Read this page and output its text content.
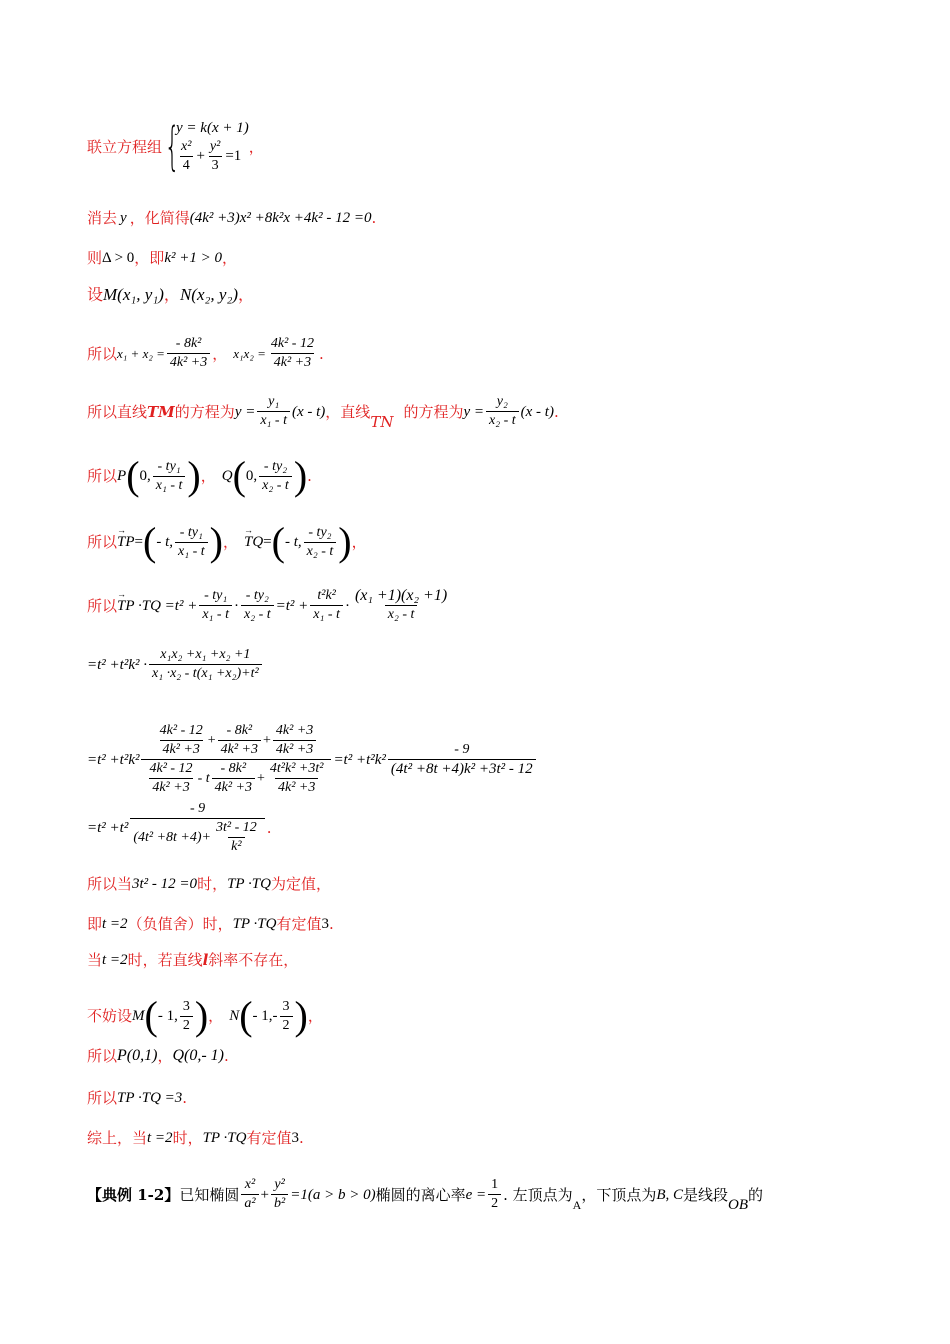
联立方程组 {
y = k(x + 1)
$\frac{\text{x²}}{4} + \frac{\text{y²}}{3} =1$
，
消去 y ，化简得 (4k² +3)x² +8k²x +4k² - 12 =0 .
则 Δ > 0 ，即 k² +1 > 0 ，
设 M(x₁, y₁) ， N(x₂, y₂) ，
所以 $x_1 + x_2 = \frac{\text{- 8k²}}{\text{4k² +3}}$ ， $x_1x_2 = \frac{\text{4k² - 12}}{\text{4k² +3}}$ .
所以直线 TM 的方程为 $y = \frac{\text{y₁}}{\text{x₁ - t}} (x - t)$ ，直线
TN
的方程为 $y = \frac{\text{y₂}}{\text{x₂ - t}} (x - t)$ .
所以 P ( 0, $\frac{\text{- ty₁}}{\text{x₁ - t}}$ ) ， Q ( 0, $\frac{\text{- ty₂}}{\text{x₂ - t}}$ ) .
所以 → TP = ( - t, $\frac{\text{- ty₁}}{\text{x₁ - t}}$ ) ， → TQ = ( - t, $\frac{\text{- ty₂}}{\text{x₂ - t}}$ ) ，
所以 → TP $\cdot TQ =t^2 + \frac{\text{- ty₁}}{\text{x₁ - t}} \cdot \frac{\text{- ty₂}}{\text{x₂ - t}} =t^2 + \frac{\text{t²k²}}{\text{x₁ - t}} \cdot \frac{\text{(x₁ +1)(x₂ +1)}}{\text{x₂ - t}}$
$=t^2 +t^2k^2 \cdot \frac{\text{x₁x₂ +x₁ +x₂ +1}}{\text{x₁ ·x₂ - t(x₁ +x₂)+t²}}$
=t² +t²k²
$\frac{\text{4k² - 12}}{\text{4k² +3}} + \frac{\text{- 8k²}}{\text{4k² +3}} + \frac{\text{4k² +3}}{\text{4k² +3}}$
$\frac{\text{4k² - 12}}{\text{4k² +3}} - t \frac{\text{- 8k²}}{\text{4k² +3}} + \frac{\text{4t²k² +3t²}}{\text{4k² +3}}$
$=t^2 +t^2k^2 \frac{- 9}{\text{(4t² +8t +4)k² +3t² - 12}}$
$=t^2 +t^2 \frac{- 9}{(4t^2 +8t +4)+ \frac{\text{3t² - 12}}{\text{k²}}}$ .
所以当 3t² - 12 =0 时， TP ·TQ 为定值，
即 t =2 （负值舍）时， TP ·TQ 有定值 3 .
当 t =2 时，若直线 l 斜率不存在，
不妨设 M ( - 1, $\frac{3}{2}$ ) ， N ( - $1,- \frac{3}{2}$ ) ，
所以 P(0,1) ， Q(0,- 1) .
所以 TP ·TQ =3 .
综上，当 t =2 时， TP ·TQ 有定值 3 .
【典例 1-2】 已知椭圆 $\frac{\text{x²}}{\text{a²}} + \frac{\text{y²}}{\text{b²}} =1(a > b > 0)$ 椭圆的离心率 $e = \frac{1}{2}$ . 左顶点为
A
，下顶点为 B, C 是线段
OB
的
